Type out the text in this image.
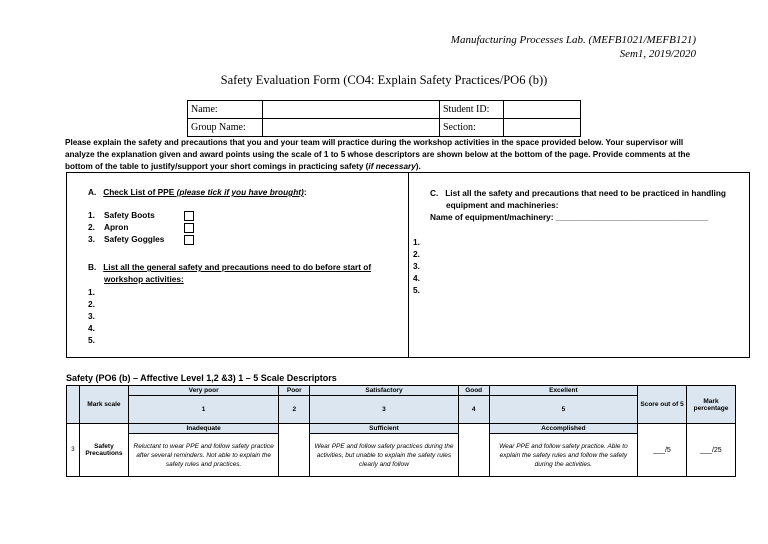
Manufacturing Processes Lab. (MEFB1021/MEFB121)
Sem1, 2019/2020
Safety Evaluation Form (CO4: Explain Safety Practices/PO6 (b))
Name:		Student ID:	
Group Name:		Section:	
Please explain the safety and precautions that you and your team will practice during the workshop activities in the space provided below. Your supervisor will analyze the explanation given and award points using the scale of 1 to 5 whose descriptors are shown below at the bottom of the page. Provide comments at the bottom of the table to justify/support your short comings in practicing safety (if necessary).
A. Check List of PPE (please tick if you have brought):
1. Safety Boots
2. Apron
3. Safety Goggles
B. List all the general safety and precautions need to do before start of
workshop activities:
1.
2.
3.
4.
5.
C. List all the safety and precautions that need to be practiced in handling
equipment and machineries:
Name of equipment/machinery: _________________________________
1.
2.
3.
4.
5.
Safety (PO6 (b) – Affective Level 1,2 &3) 1 – 5 Scale Descriptors
	Mark scale	Very poor	Poor	Satisfactory	Good	Excellent	Score out of 5	Mark percentage
		1	2	3	4	5		
3	Safety Precautions	Inadequate		Sufficient		Accomplished	___/5	___/25
		Reluctant to wear PPE and follow safety practice after several reminders. Not able to explain the safety rules and practices.		Wear PPE and follow safety practices during the activities, but unable to explain the safety rules clearly and follow		Wear PPE and follow safety practice. Able to explain the safety rules and follow the safety during the activities.		
